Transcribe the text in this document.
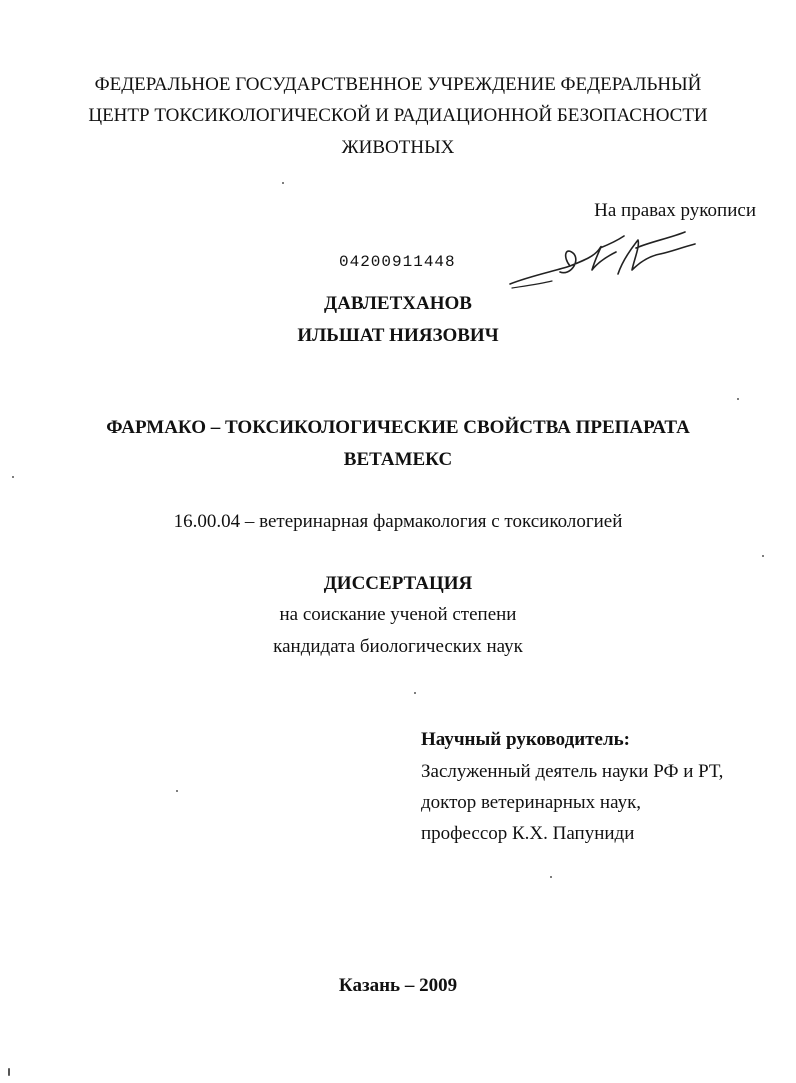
ФЕДЕРАЛЬНОЕ ГОСУДАРСТВЕННОЕ УЧРЕЖДЕНИЕ ФЕДЕРАЛЬНЫЙ
ЦЕНТР ТОКСИКОЛОГИЧЕСКОЙ И РАДИАЦИОННОЙ БЕЗОПАСНОСТИ
ЖИВОТНЫХ
На правах рукописи
04200911448
ДАВЛЕТХАНОВ
ИЛЬШАТ НИЯЗОВИЧ
ФАРМАКО – ТОКСИКОЛОГИЧЕСКИЕ СВОЙСТВА ПРЕПАРАТА
ВЕТАМЕКС
16.00.04 – ветеринарная фармакология с токсикологией
ДИССЕРТАЦИЯ
на соискание ученой степени
кандидата биологических наук
Научный руководитель:
Заслуженный деятель науки РФ и РТ,
доктор ветеринарных наук,
профессор К.Х. Папуниди
Казань – 2009
